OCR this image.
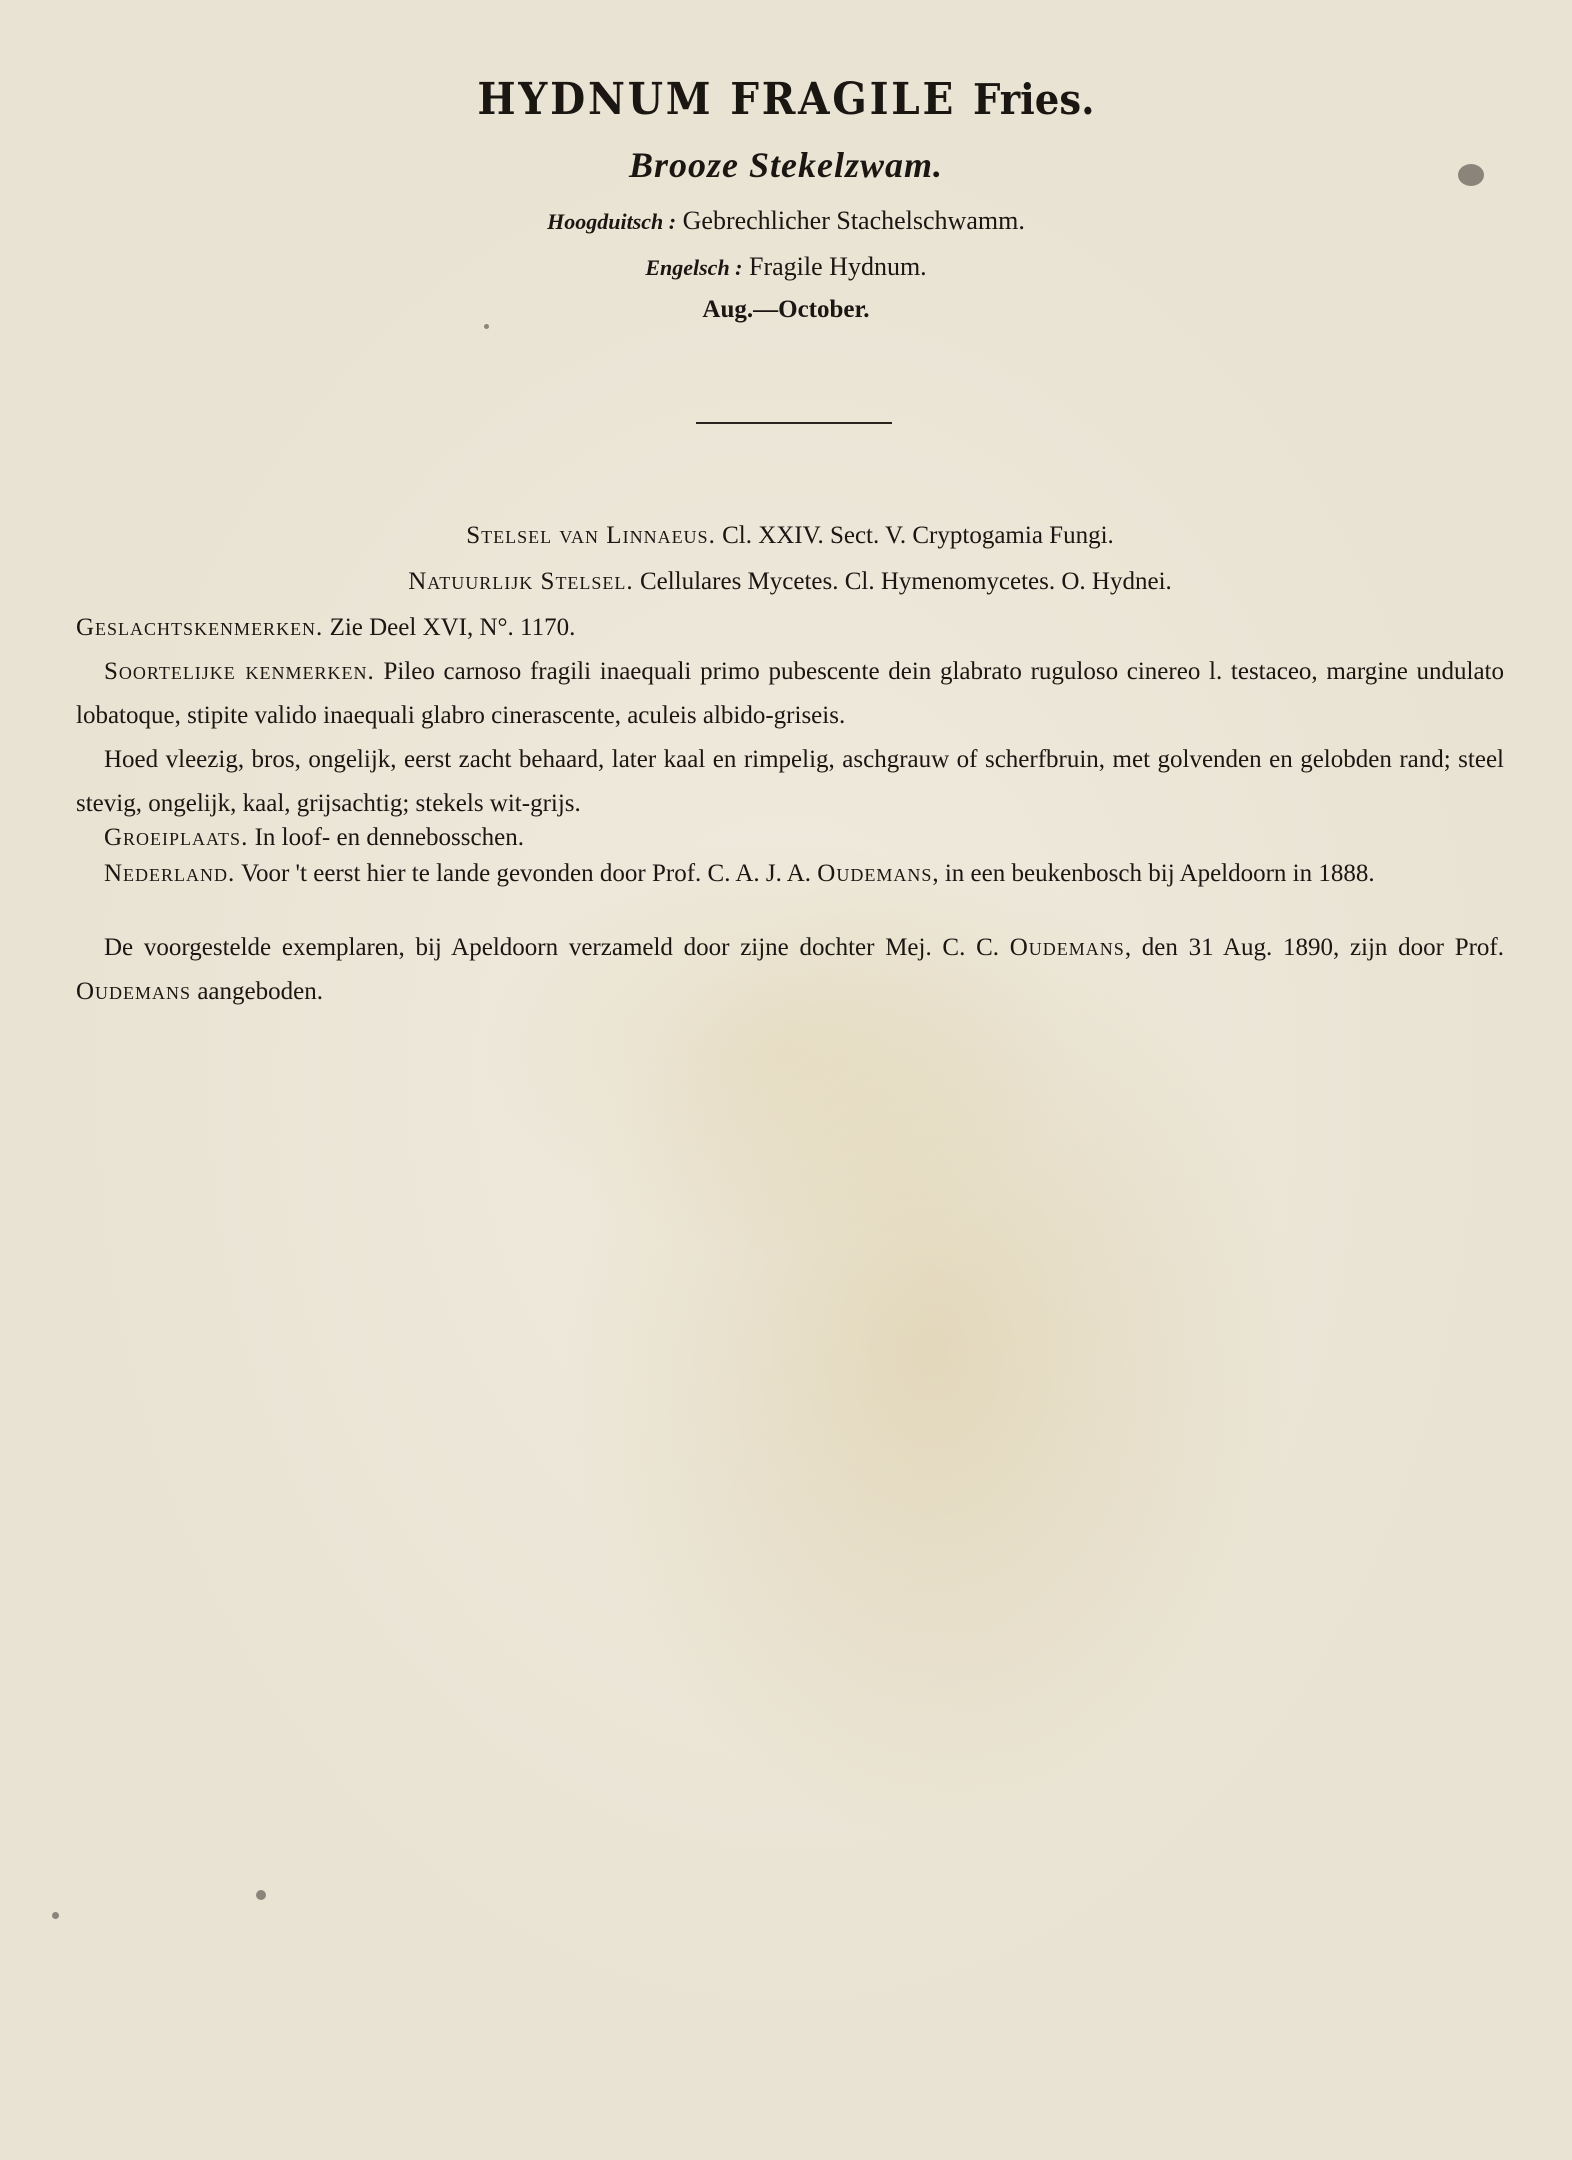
HYDNUM FRAGILE Fries.
Brooze Stekelzwam.
Hoogduitsch : Gebrechlicher Stachelschwamm.
Engelsch : Fragile Hydnum.
Aug.—October.
Stelsel van Linnaeus. Cl. XXIV. Sect. V. Cryptogamia Fungi.
Natuurlijk Stelsel. Cellulares Mycetes. Cl. Hymenomycetes. O. Hydnei.
Geslachtskenmerken. Zie Deel XVI, N°. 1170.
Soortelijke kenmerken. Pileo carnoso fragili inaequali primo pubescente dein glabrato ruguloso cinereo l. testaceo, margine undulato lobatoque, stipite valido inaequali glabro cinerascente, aculeis albido-griseis.
Hoed vleezig, bros, ongelijk, eerst zacht behaard, later kaal en rimpelig, aschgrauw of scherfbruin, met golvenden en gelobden rand; steel stevig, ongelijk, kaal, grijsachtig; stekels wit-grijs.
Groeiplaats. In loof- en dennebosschen.
Nederland. Voor 't eerst hier te lande gevonden door Prof. C. A. J. A. Oudemans, in een beukenbosch bij Apeldoorn in 1888.
De voorgestelde exemplaren, bij Apeldoorn verzameld door zijne dochter Mej. C. C. Oudemans, den 31 Aug. 1890, zijn door Prof. Oudemans aangeboden.
